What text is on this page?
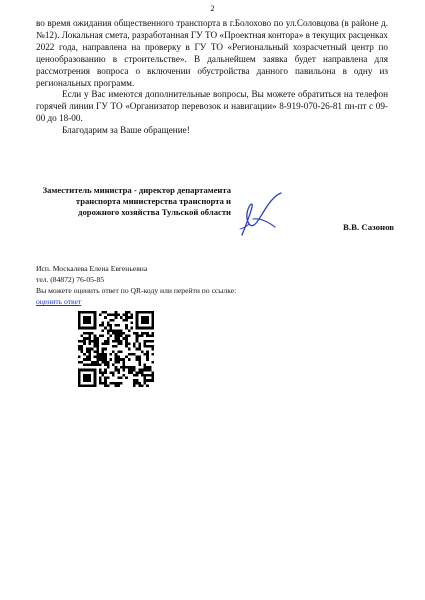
2

во время ожидания общественного транспорта в г.Болохово по ул.Соловцова (в районе д.№12). Локальная смета, разработанная ГУ ТО «Проектная контора» в текущих расценках 2022 года, направлена на проверку в ГУ ТО «Региональный хозрасчетный центр по ценообразованию в строительстве». В дальнейшем заявка будет направлена для рассмотрения вопроса о включении обустройства данного павильона в одну из региональных программ.

Если у Вас имеются дополнительные вопросы, Вы можете обратиться на телефон горячей линии ГУ ТО «Организатор перевозок и навигации» 8-919-070-26-81 пн-пт с 09-00 до 18-00.

Благодарим за Ваше обращение!

Заместитель министра - директор департамента транспорта министерства транспорта и дорожного хозяйства Тульской области
В.В. Сазонов
Исп. Москалева Елена Евгеньевна
тел. (84872) 76-05-85
Вы можете оценить ответ по QR-коду или перейти по ссылке:
оценить ответ
